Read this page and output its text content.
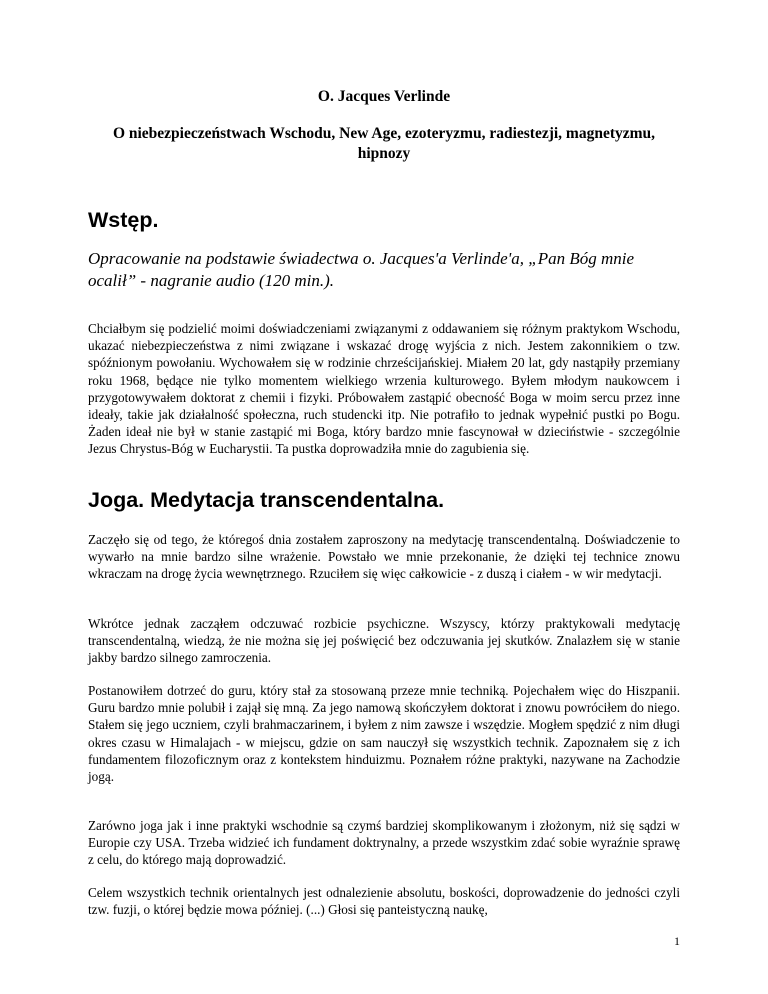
O. Jacques Verlinde
O niebezpieczeństwach Wschodu, New Age, ezoteryzmu, radiestezji, magnetyzmu, hipnozy
Wstęp.

Opracowanie na podstawie świadectwa o. Jacques'a Verlinde'a, „Pan Bóg mnie ocalił” - nagranie audio (120 min.).

Chciałbym się podzielić moimi doświadczeniami związanymi z oddawaniem się różnym praktykom Wschodu, ukazać niebezpieczeństwa z nimi związane i wskazać drogę wyjścia z nich. Jestem zakonnikiem o tzw. spóźnionym powołaniu. Wychowałem się w rodzinie chrześcijańskiej. Miałem 20 lat, gdy nastąpiły przemiany roku 1968, będące nie tylko momentem wielkiego wrzenia kulturowego. Byłem młodym naukowcem i przygotowywałem doktorat z chemii i fizyki. Próbowałem zastąpić obecność Boga w moim sercu przez inne ideały, takie jak działalność społeczna, ruch studencki itp. Nie potrafiło to jednak wypełnić pustki po Bogu. Żaden ideał nie był w stanie zastąpić mi Boga, który bardzo mnie fascynował w dzieciństwie - szczególnie Jezus Chrystus-Bóg w Eucharystii. Ta pustka doprowadziła mnie do zagubienia się.

Joga. Medytacja transcendentalna.

Zaczęło się od tego, że któregoś dnia zostałem zaproszony na medytację transcendentalną. Doświadczenie to wywarło na mnie bardzo silne wrażenie. Powstało we mnie przekonanie, że dzięki tej technice znowu wkraczam na drogę życia wewnętrznego. Rzuciłem się więc całkowicie - z duszą i ciałem - w wir medytacji.

Wkrótce jednak zacząłem odczuwać rozbicie psychiczne. Wszyscy, którzy praktykowali medytację transcendentalną, wiedzą, że nie można się jej poświęcić bez odczuwania jej skutków. Znalazłem się w stanie jakby bardzo silnego zamroczenia.

Postanowiłem dotrzeć do guru, który stał za stosowaną przeze mnie techniką. Pojechałem więc do Hiszpanii. Guru bardzo mnie polubił i zajął się mną. Za jego namową skończyłem doktorat i znowu powróciłem do niego. Stałem się jego uczniem, czyli brahmaczarinem, i byłem z nim zawsze i wszędzie. Mogłem spędzić z nim długi okres czasu w Himalajach - w miejscu, gdzie on sam nauczył się wszystkich technik. Zapoznałem się z ich fundamentem filozoficznym oraz z kontekstem hinduizmu. Poznałem różne praktyki, nazywane na Zachodzie jogą.

Zarówno joga jak i inne praktyki wschodnie są czymś bardziej skomplikowanym i złożonym, niż się sądzi w Europie czy USA. Trzeba widzieć ich fundament doktrynalny, a przede wszystkim zdać sobie wyraźnie sprawę z celu, do którego mają doprowadzić.

Celem wszystkich technik orientalnych jest odnalezienie absolutu, boskości, doprowadzenie do jedności czyli tzw. fuzji, o której będzie mowa później. (...) Głosi się panteistyczną naukę,

1
